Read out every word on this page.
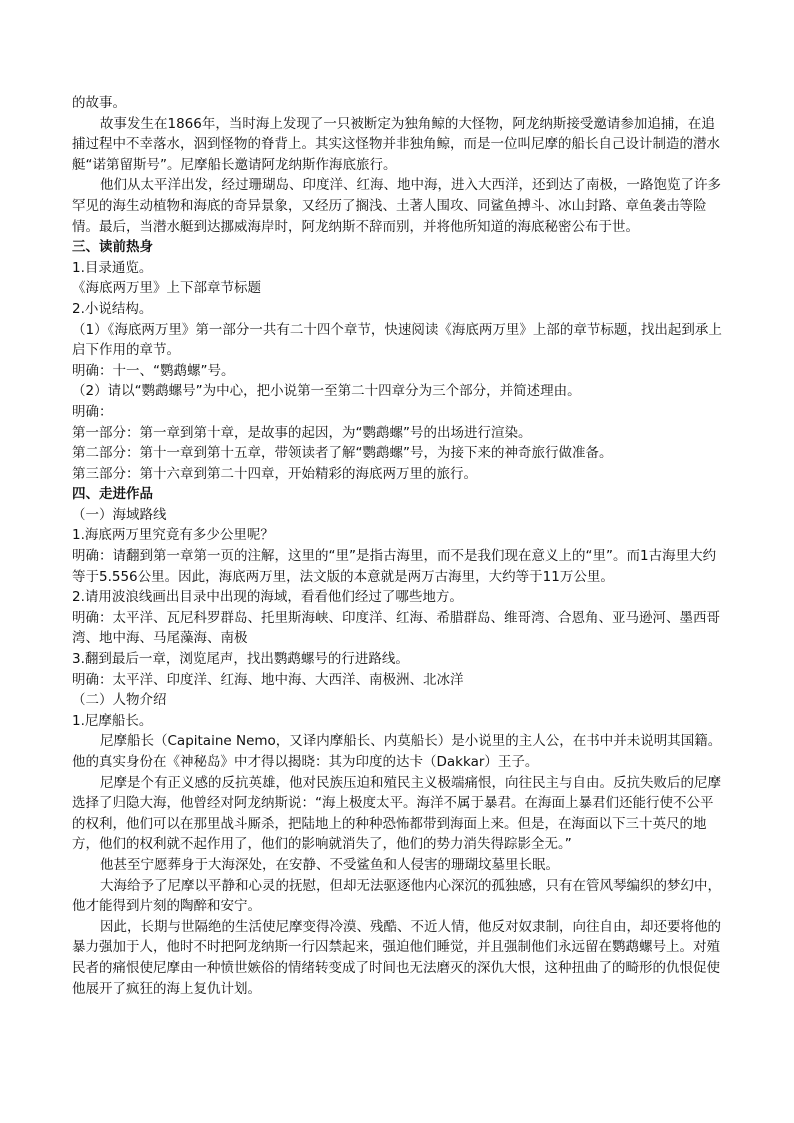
的故事。

故事发生在1866年，当时海上发现了一只被断定为独角鲸的大怪物，阿龙纳斯接受邀请参加追捕，在追捕过程中不幸落水，泅到怪物的脊背上。其实这怪物并非独角鲸，而是一位叫尼摩的船长自己设计制造的潜水艇“诺第留斯号”。尼摩船长邀请阿龙纳斯作海底旅行。

他们从太平洋出发，经过珊瑚岛、印度洋、红海、地中海，进入大西洋，还到达了南极，一路饱览了许多罕见的海生动植物和海底的奇异景象，又经历了搁浅、土著人围攻、同鲨鱼搏斗、冰山封路、章鱼袭击等险情。最后，当潜水艇到达挪威海岸时，阿龙纳斯不辞而别，并将他所知道的海底秘密公布于世。

三、读前热身

1.目录通览。

《海底两万里》上下部章节标题

2.小说结构。

（1）《海底两万里》第一部分一共有二十四个章节，快速阅读《海底两万里》上部的章节标题，找出起到承上启下作用的章节。

明确：十一、“鹦鹉螺”号。

（2）请以“鹦鹉螺号”为中心，把小说第一至第二十四章分为三个部分，并简述理由。

明确：

第一部分：第一章到第十章，是故事的起因，为“鹦鹉螺”号的出场进行渲染。

第二部分：第十一章到第十五章，带领读者了解“鹦鹉螺”号，为接下来的神奇旅行做准备。

第三部分：第十六章到第二十四章，开始精彩的海底两万里的旅行。

四、走进作品

（一）海域路线

1.海底两万里究竟有多少公里呢？

明确：请翻到第一章第一页的注解，这里的“里”是指古海里，而不是我们现在意义上的“里”。而1古海里大约等于5.556公里。因此，海底两万里，法文版的本意就是两万古海里，大约等于11万公里。

2.请用波浪线画出目录中出现的海域，看看他们经过了哪些地方。

明确：太平洋、瓦尼科罗群岛、托里斯海峡、印度洋、红海、希腊群岛、维哥湾、合恩角、亚马逊河、墨西哥湾、地中海、马尾藻海、南极

3.翻到最后一章，浏览尾声，找出鹦鹉螺号的行进路线。

明确：太平洋、印度洋、红海、地中海、大西洋、南极洲、北冰洋

（二）人物介绍

1.尼摩船长。

尼摩船长（Capitaine Nemo，又译内摩船长、内莫船长）是小说里的主人公，在书中并未说明其国籍。他的真实身份在《神秘岛》中才得以揭晓：其为印度的达卡（Dakkar）王子。

尼摩是个有正义感的反抗英雄，他对民族压迫和殖民主义极端痛恨，向往民主与自由。反抗失败后的尼摩选择了归隐大海，他曾经对阿龙纳斯说：“海上极度太平。海洋不属于暴君。在海面上暴君们还能行使不公平的权利，他们可以在那里战斗厮杀，把陆地上的种种恐怖都带到海面上来。但是，在海面以下三十英尺的地方，他们的权利就不起作用了，他们的影响就消失了，他们的势力消失得踪影全无。”

他甚至宁愿葬身于大海深处，在安静、不受鲨鱼和人侵害的珊瑚坟墓里长眠。

大海给予了尼摩以平静和心灵的抚慰，但却无法驱逐他内心深沉的孤独感，只有在管风琴编织的梦幻中，他才能得到片刻的陶醉和安宁。

因此，长期与世隔绝的生活使尼摩变得冷漠、残酷、不近人情，他反对奴隶制，向往自由，却还要将他的暴力强加于人，他时不时把阿龙纳斯一行囚禁起来，强迫他们睡觉，并且强制他们永远留在鹦鹉螺号上。对殖民者的痛恨使尼摩由一种愤世嫉俗的情绪转变成了时间也无法磨灭的深仇大恨，这种扭曲了的畸形的仇恨促使他展开了疯狂的海上复仇计划。
